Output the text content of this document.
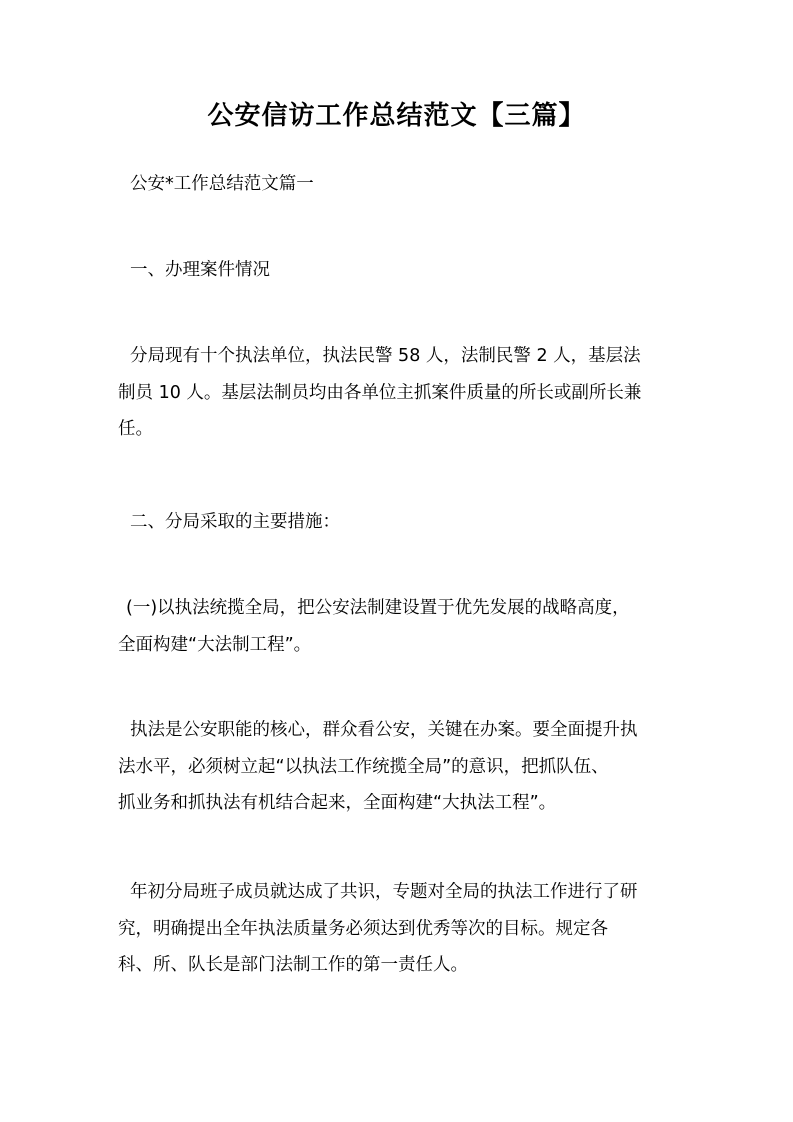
公安信访工作总结范文【三篇】

公安*工作总结范文篇一

一、办理案件情况

分局现有十个执法单位，执法民警 58 人，法制民警 2 人，基层法
制员 10 人。基层法制员均由各单位主抓案件质量的所长或副所长兼
任。

二、分局采取的主要措施：

(一)以执法统揽全局，把公安法制建设置于优先发展的战略高度，
全面构建“大法制工程”。

执法是公安职能的核心，群众看公安，关键在办案。要全面提升执
法水平，必须树立起“以执法工作统揽全局”的意识，把抓队伍、
抓业务和抓执法有机结合起来，全面构建“大执法工程”。

年初分局班子成员就达成了共识，专题对全局的执法工作进行了研
究，明确提出全年执法质量务必须达到优秀等次的目标。规定各
科、所、队长是部门法制工作的第一责任人。
